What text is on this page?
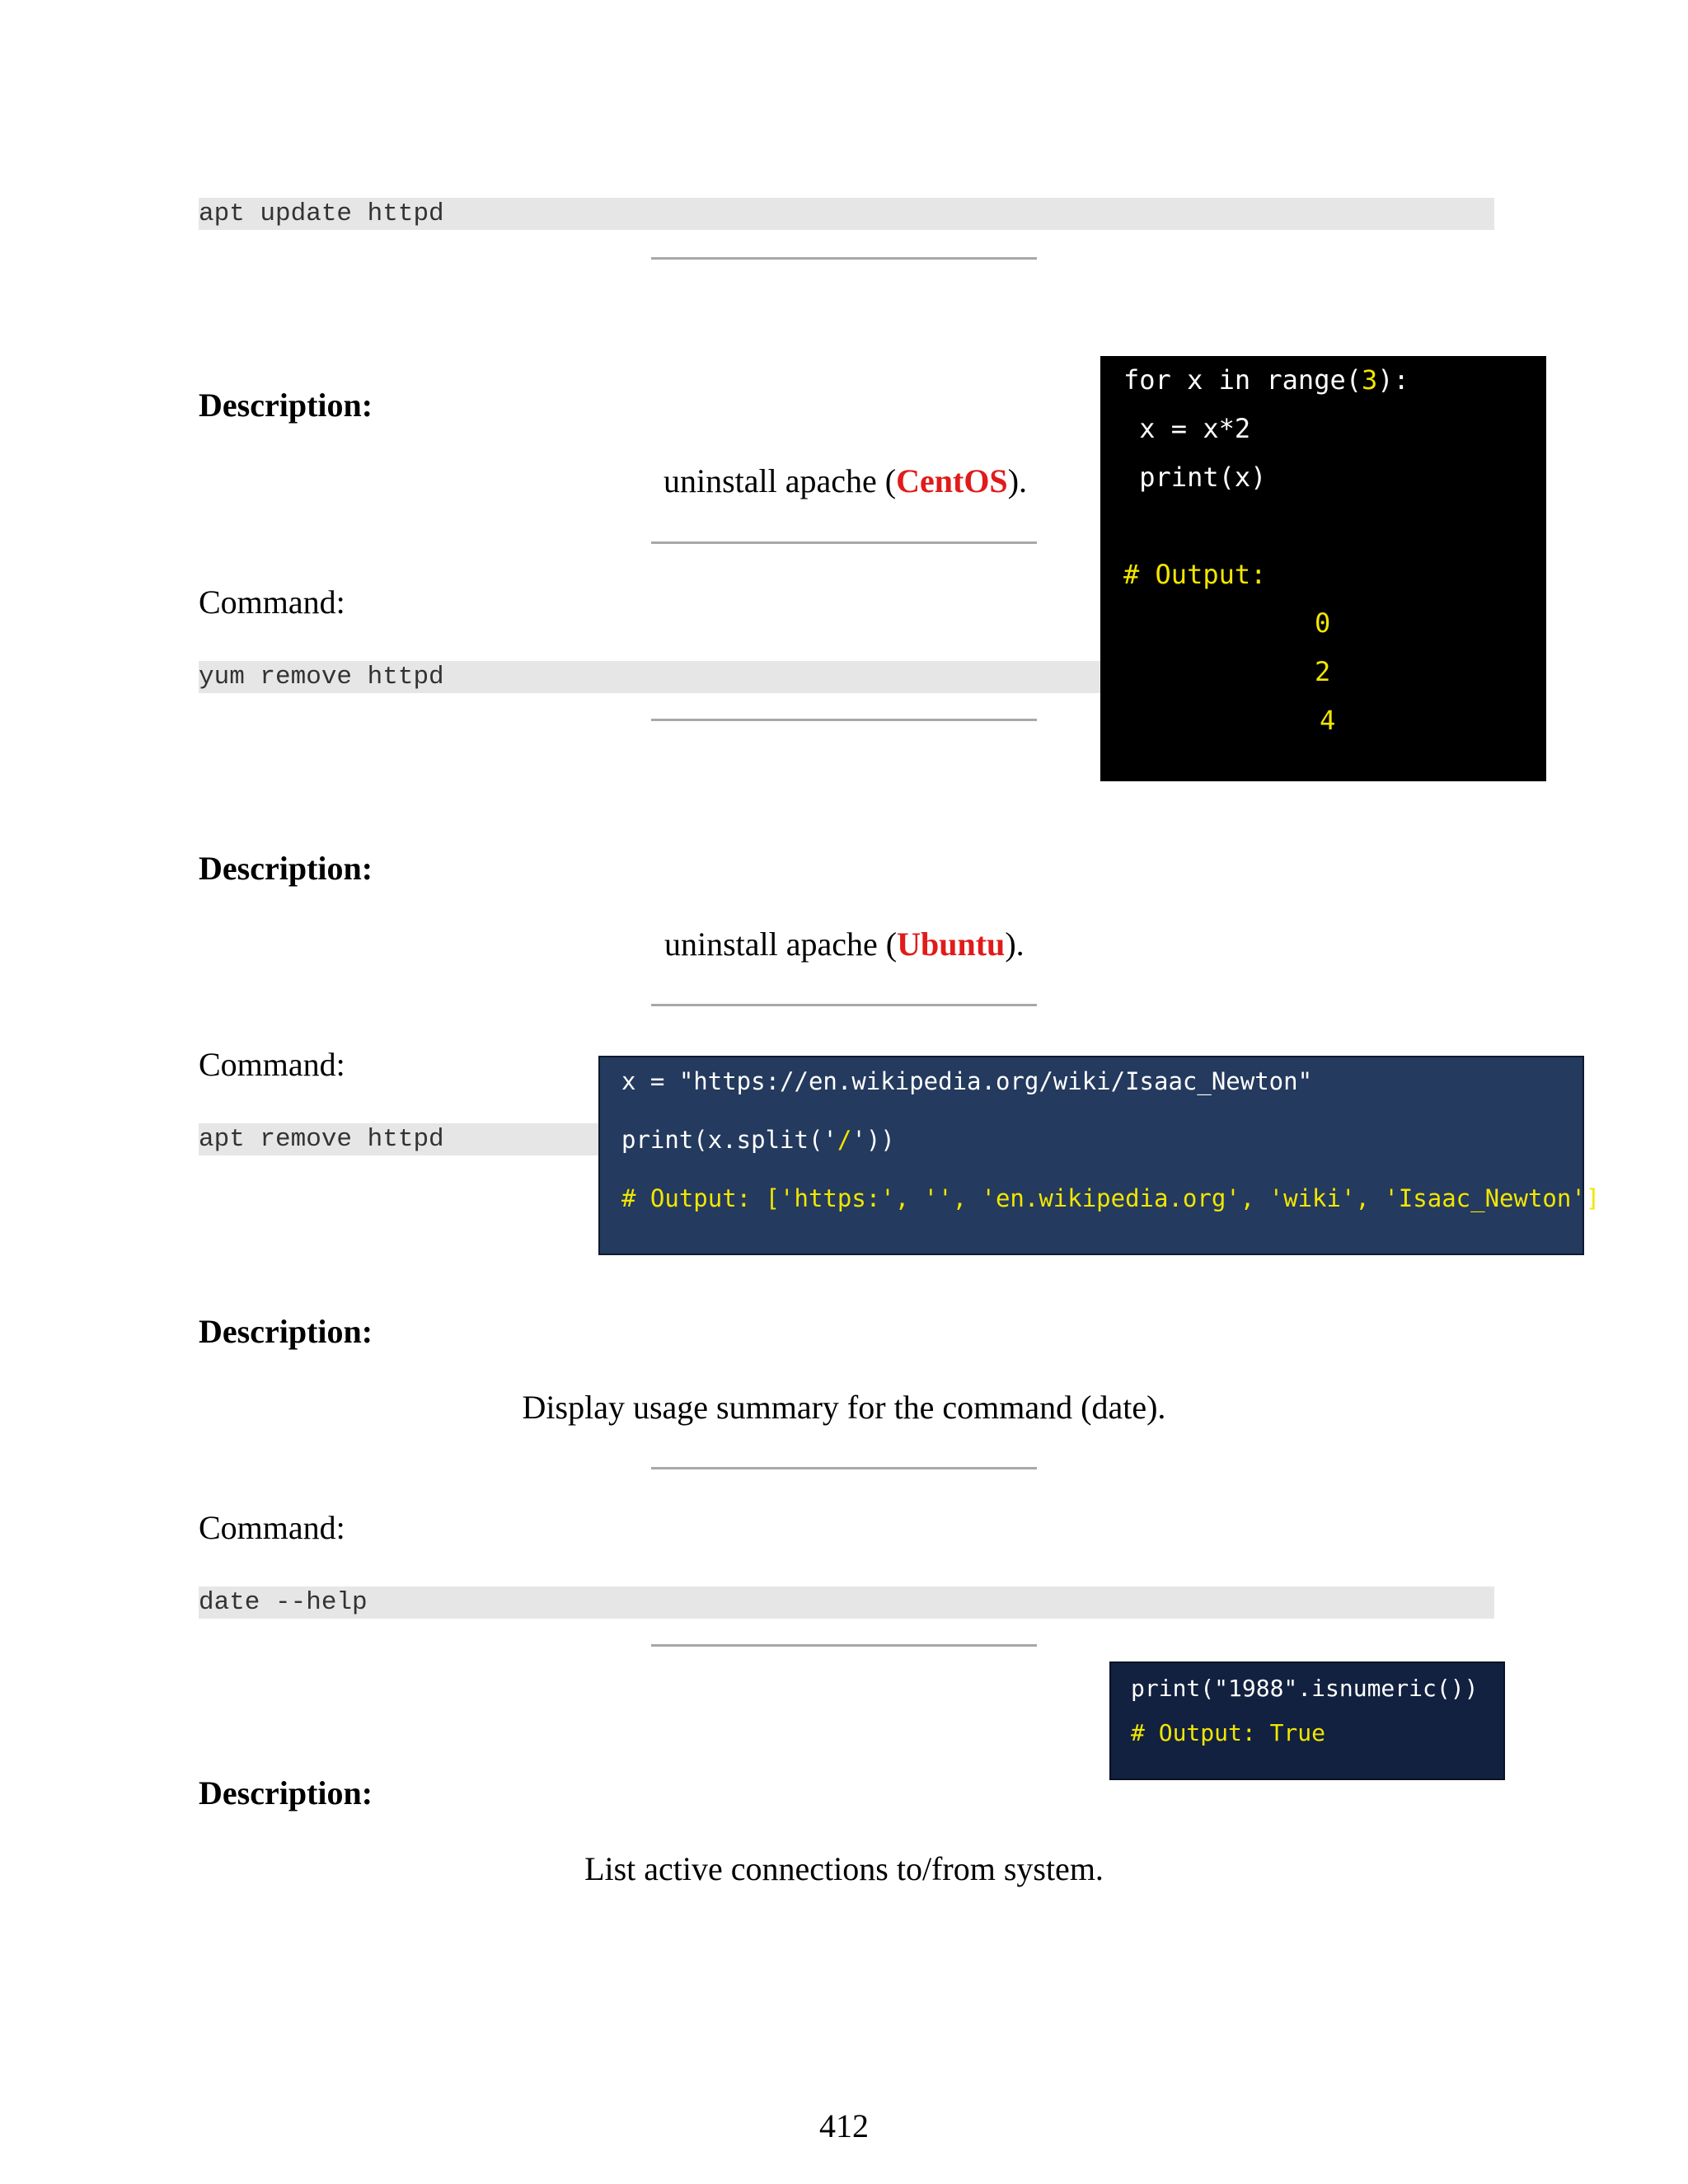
apt update httpd
Description:
uninstall apache (CentOS).
Command:
yum remove httpd

for x in range(3):

x = x*2

print(x)

# Output:

0

2

4

Description:
uninstall apache (Ubuntu).
Command:
apt remove httpd

x = "https://en.wikipedia.org/wiki/Isaac_Newton"

print(x.split('/'))

# Output: ['https:', '', 'en.wikipedia.org', 'wiki', 'Isaac_Newton']

Description:
Display usage summary for the command (date).
Command:
date --help

print("1988".isnumeric())

# Output: True

Description:
List active connections to/from system.
412
